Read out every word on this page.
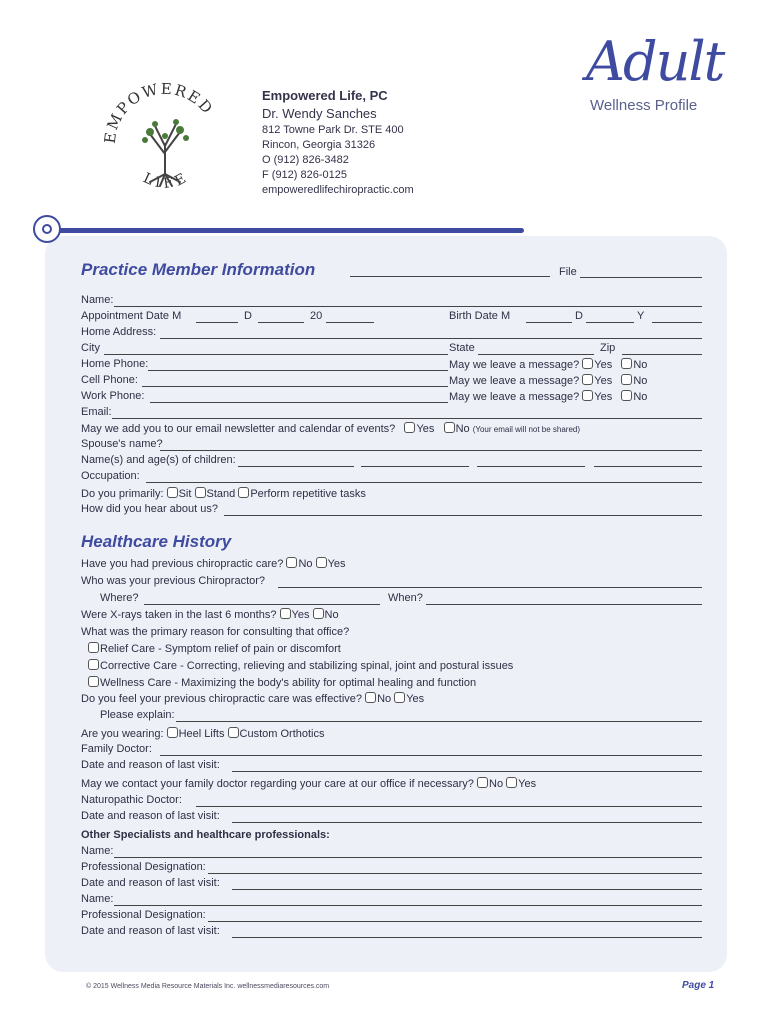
EMPOWERED
LIFE
Empowered Life, PC
Dr. Wendy Sanches
812 Towne Park Dr. STE 400
Rincon, Georgia 31326
O (912) 826-3482
F (912) 826-0125
empoweredlifechiropractic.com
Adult
Wellness Profile
Practice Member Information	File
Name:
Appointment Date M	D	20	Birth Date M	D	Y
Home Address:
City	State	Zip
Home Phone:	May we leave a message? Yes No
Cell Phone:	May we leave a message? Yes No
Work Phone:	May we leave a message? Yes No
Email:
May we add you to our email newsletter and calendar of events? Yes No (Your email will not be shared)
Spouse's name?
Name(s) and age(s) of children:
Occupation:
Do you primarily: Sit Stand Perform repetitive tasks
How did you hear about us?
Healthcare History
Have you had previous chiropractic care? No Yes
Who was your previous Chiropractor?
Where?	When?
Were X-rays taken in the last 6 months? Yes No
What was the primary reason for consulting that office?
Relief Care - Symptom relief of pain or discomfort
Corrective Care - Correcting, relieving and stabilizing spinal, joint and postural issues
Wellness Care - Maximizing the body's ability for optimal healing and function
Do you feel your previous chiropractic care was effective? No Yes
Please explain:
Are you wearing: Heel Lifts Custom Orthotics
Family Doctor:
Date and reason of last visit:
May we contact your family doctor regarding your care at our office if necessary? No Yes
Naturopathic Doctor:
Date and reason of last visit:
Other Specialists and healthcare professionals:
Name:
Professional Designation:
Date and reason of last visit:
Name:
Professional Designation:
Date and reason of last visit:
© 2015 Wellness Media Resource Materials Inc. wellnessmediaresources.com	Page 1
